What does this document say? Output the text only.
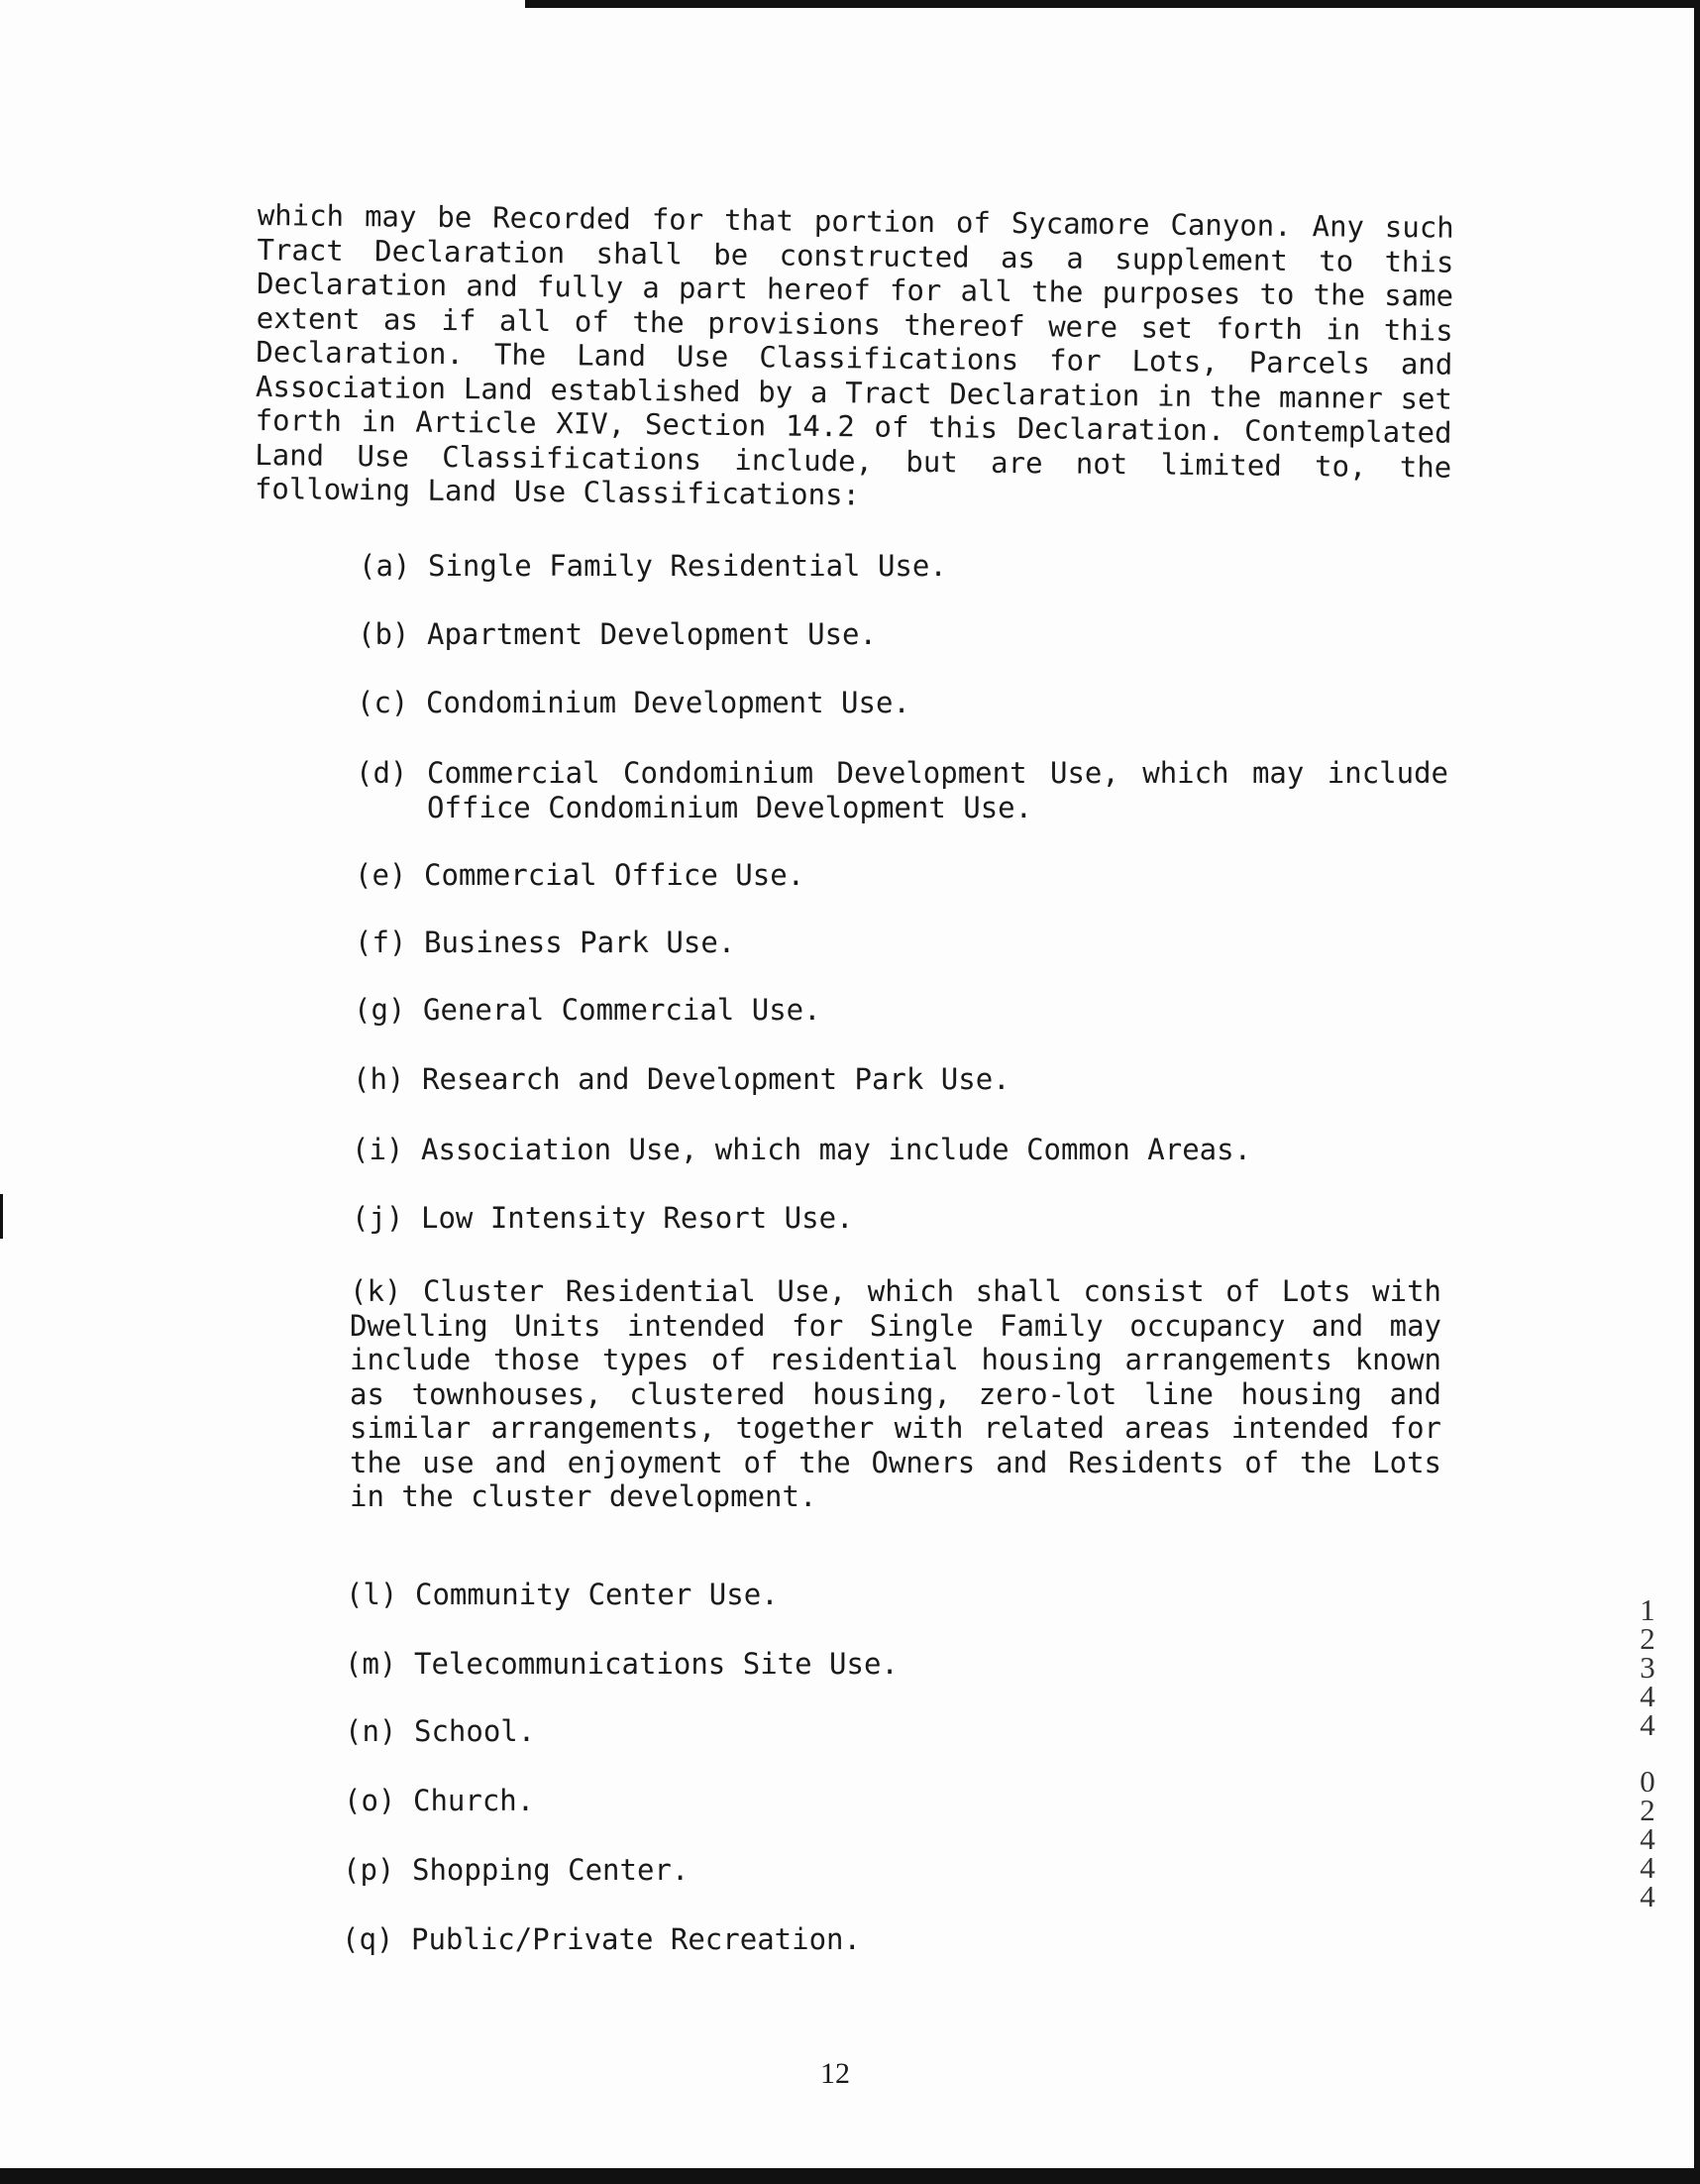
which may be Recorded for that portion of Sycamore Canyon. Any such Tract Declaration shall be constructed as a supplement to this Declaration and fully a part hereof for all the purposes to the same extent as if all of the provisions thereof were set forth in this Declaration. The Land Use Classifications for Lots, Parcels and Association Land established by a Tract Declaration in the manner set forth in Article XIV, Section 14.2 of this Declaration. Contemplated Land Use Classifications include, but are not limited to, the following Land Use Classifications:
(a) Single Family Residential Use.
(b) Apartment Development Use.
(c) Condominium Development Use.
(d) Commercial Condominium Development Use, which may include Office Condominium Development Use.
(e) Commercial Office Use.
(f) Business Park Use.
(g) General Commercial Use.
(h) Research and Development Park Use.
(i) Association Use, which may include Common Areas.
(j) Low Intensity Resort Use.
(k) Cluster Residential Use, which shall consist of Lots with Dwelling Units intended for Single Family occupancy and may include those types of residential housing arrangements known as townhouses, clustered housing, zero-lot line housing and similar arrangements, together with related areas intended for the use and enjoyment of the Owners and Residents of the Lots in the cluster development.
(l) Community Center Use.
(m) Telecommunications Site Use.
(n) School.
(o) Church.
(p) Shopping Center.
(q) Public/Private Recreation.
12
1
2
3
4
4
0
2
4
4
4
